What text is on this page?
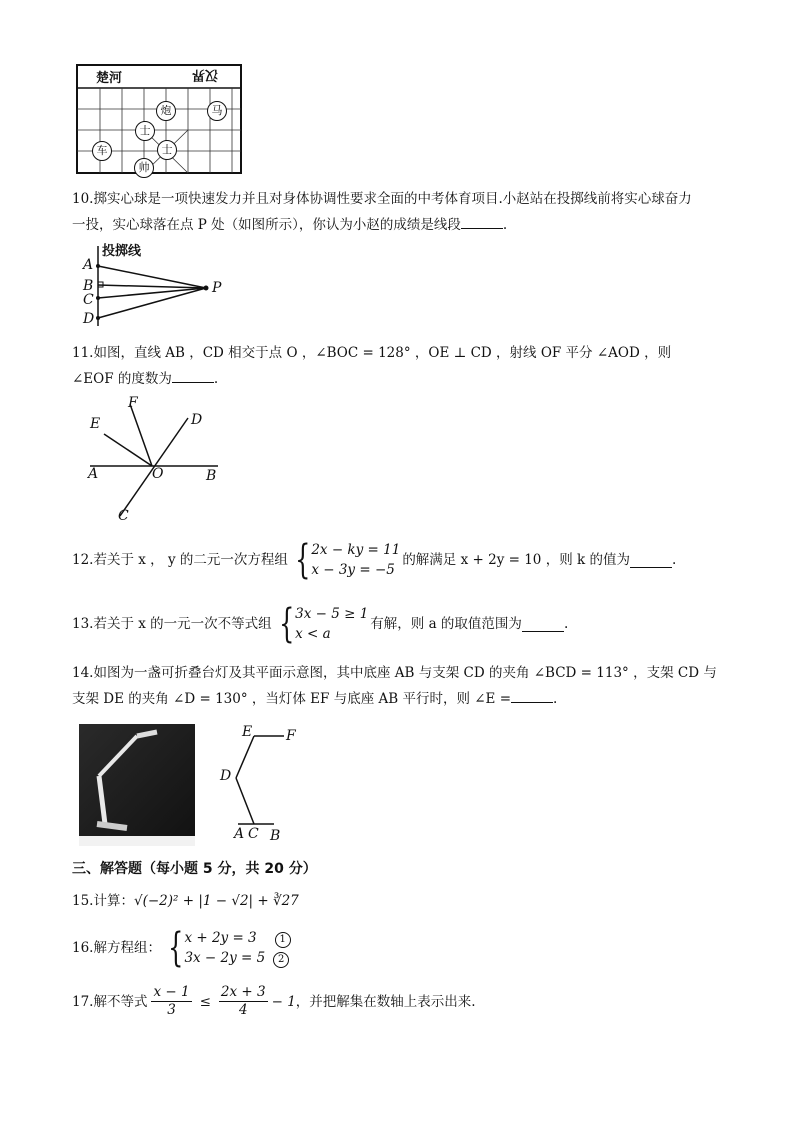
楚河	汉界
炮	马
士
士
车
帅
10.掷实心球是一项快速发力并且对身体协调性要求全面的中考体育项目.小赵站在投掷线前将实心球奋力
一投，实心球落在点 P 处（如图所示），你认为小赵的成绩是线段	.
投掷线
A
B
C
D
P
11.如图，直线 AB ，CD 相交于点 O ，∠BOC = 128° ，OE ⊥ CD ，射线 OF 平分 ∠AOD ，则
∠EOF 的度数为	.
E
F
D
A	O	B
C
12.若关于 x ， y 的二元一次方程组 { 2x − ky = 11
x − 3y = −5
的解满足 x + 2y = 10 ，则 k 的值为	.
13.若关于 x 的一元一次不等式组 { 3x − 5 ≥ 1
x < a
有解，则 a 的取值范围为	.
14.如图为一盏可折叠台灯及其平面示意图，其中底座 AB 与支架 CD 的夹角 ∠BCD = 113° ，支架 CD 与
支架 DE 的夹角 ∠D = 130° ，当灯体 EF 与底座 AB 平行时，则 ∠E =	.
E F
D
A C B
三、解答题（每小题 5 分，共 20 分）
15.计算：√(−2)² + |1 − √2| + ∛27
16.解方程组： { x + 2y = 3 1
3x − 2y = 5 2
17.解不等式 $\frac{x - 1}{3} \le \frac{2x + 3}{4} - 1$ ，并把解集在数轴上表示出来.
